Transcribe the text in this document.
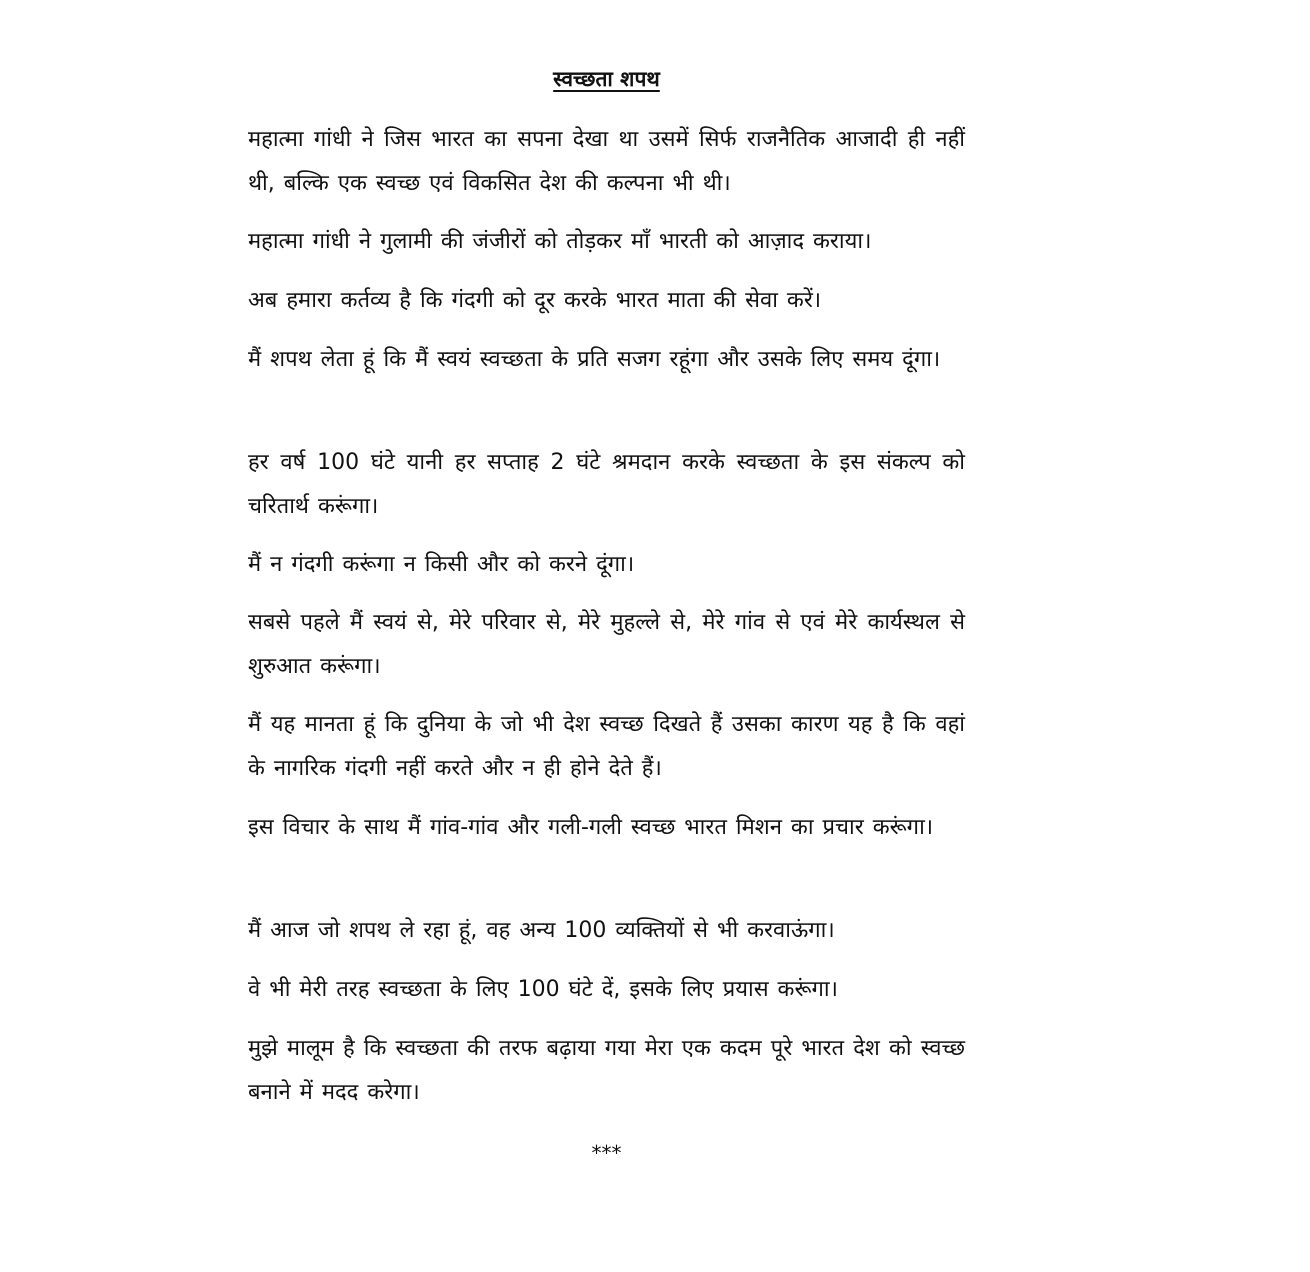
स्वच्छता शपथ

महात्मा गांधी ने जिस भारत का सपना देखा था उसमें सिर्फ राजनैतिक आजादी ही नहीं थी, बल्कि एक स्वच्छ एवं विकसित देश की कल्पना भी थी।

महात्मा गांधी ने गुलामी की जंजीरों को तोड़कर माँ भारती को आज़ाद कराया।

अब हमारा कर्तव्य है कि गंदगी को दूर करके भारत माता की सेवा करें।

मैं शपथ लेता हूं कि मैं स्वयं स्वच्छता के प्रति सजग रहूंगा और उसके लिए समय दूंगा।

हर वर्ष 100 घंटे यानी हर सप्ताह 2 घंटे श्रमदान करके स्वच्छता के इस संकल्प को चरितार्थ करूंगा।

मैं न गंदगी करूंगा न किसी और को करने दूंगा।

सबसे पहले मैं स्वयं से, मेरे परिवार से, मेरे मुहल्ले से, मेरे गांव से एवं मेरे कार्यस्थल से शुरुआत करूंगा।

मैं यह मानता हूं कि दुनिया के जो भी देश स्वच्छ दिखते हैं उसका कारण यह है कि वहां के नागरिक गंदगी नहीं करते और न ही होने देते हैं।

इस विचार के साथ मैं गांव-गांव और गली-गली स्वच्छ भारत मिशन का प्रचार करूंगा।

मैं आज जो शपथ ले रहा हूं, वह अन्य 100 व्यक्तियों से भी करवाऊंगा।

वे भी मेरी तरह स्वच्छता के लिए 100 घंटे दें, इसके लिए प्रयास करूंगा।

मुझे मालूम है कि स्वच्छता की तरफ बढ़ाया गया मेरा एक कदम पूरे भारत देश को स्वच्छ बनाने में मदद करेगा।

***
